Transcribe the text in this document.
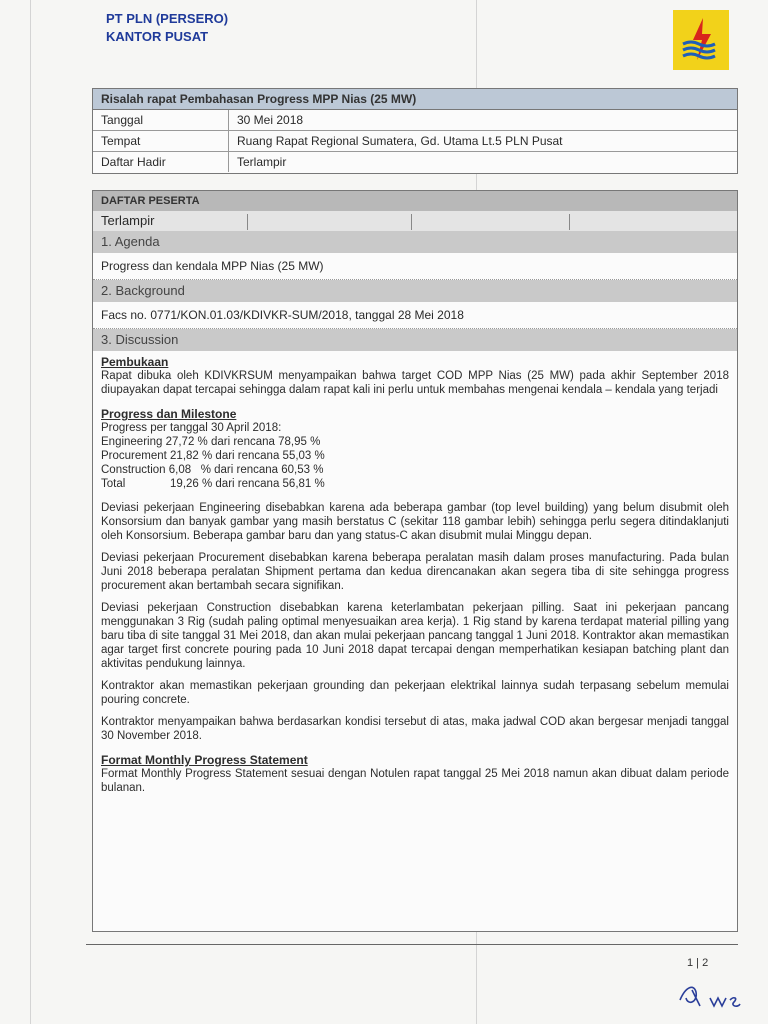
PT PLN (PERSERO)
KANTOR PUSAT
Risalah rapat Pembahasan Progress MPP Nias (25 MW)
Tanggal	30 Mei 2018
Tempat	Ruang Rapat Regional Sumatera, Gd. Utama Lt.5 PLN Pusat
Daftar Hadir	Terlampir
DAFTAR PESERTA
Terlampir
1. Agenda
Progress dan kendala MPP Nias (25 MW)
2. Background
Facs no. 0771/KON.01.03/KDIVKR-SUM/2018, tanggal 28 Mei 2018
3. Discussion
Pembukaan

Rapat dibuka oleh KDIVKRSUM menyampaikan bahwa target COD MPP Nias (25 MW) pada akhir September 2018 diupayakan dapat tercapai sehingga dalam rapat kali ini perlu untuk membahas mengenai kendala – kendala yang terjadi

Progress dan Milestone
Progress per tanggal 30 April 2018:
Engineering 27,72 % dari rencana 78,95 %
Procurement 21,82 % dari rencana 55,03 %
Construction 6,08   % dari rencana 60,53 %
Total              19,26 % dari rencana 56,81 %

Deviasi pekerjaan Engineering disebabkan karena ada beberapa gambar (top level building) yang belum disubmit oleh Konsorsium dan banyak gambar yang masih berstatus C (sekitar 118 gambar lebih) sehingga perlu segera ditindaklanjuti oleh Konsorsium. Beberapa gambar baru dan yang status-C akan disubmit mulai Minggu depan.

Deviasi pekerjaan Procurement disebabkan karena beberapa peralatan masih dalam proses manufacturing. Pada bulan Juni 2018 beberapa peralatan Shipment pertama dan kedua direncanakan akan segera tiba di site sehingga progress procurement akan bertambah secara signifikan.

Deviasi pekerjaan Construction disebabkan karena keterlambatan pekerjaan pilling. Saat ini pekerjaan pancang menggunakan 3 Rig (sudah paling optimal menyesuaikan area kerja). 1 Rig stand by karena terdapat material pilling yang baru tiba di site tanggal 31 Mei 2018, dan akan mulai pekerjaan pancang tanggal 1 Juni 2018. Kontraktor akan memastikan agar target first concrete pouring pada 10 Juni 2018 dapat tercapai dengan memperhatikan kesiapan batching plant dan aktivitas pendukung lainnya.

Kontraktor akan memastikan pekerjaan grounding dan pekerjaan elektrikal lainnya sudah terpasang sebelum memulai pouring concrete.

Kontraktor menyampaikan bahwa berdasarkan kondisi tersebut di atas, maka jadwal COD akan bergesar menjadi tanggal 30 November 2018.

Format Monthly Progress Statement

Format Monthly Progress Statement sesuai dengan Notulen rapat tanggal 25 Mei 2018 namun akan dibuat dalam periode bulanan.

1 | 2
